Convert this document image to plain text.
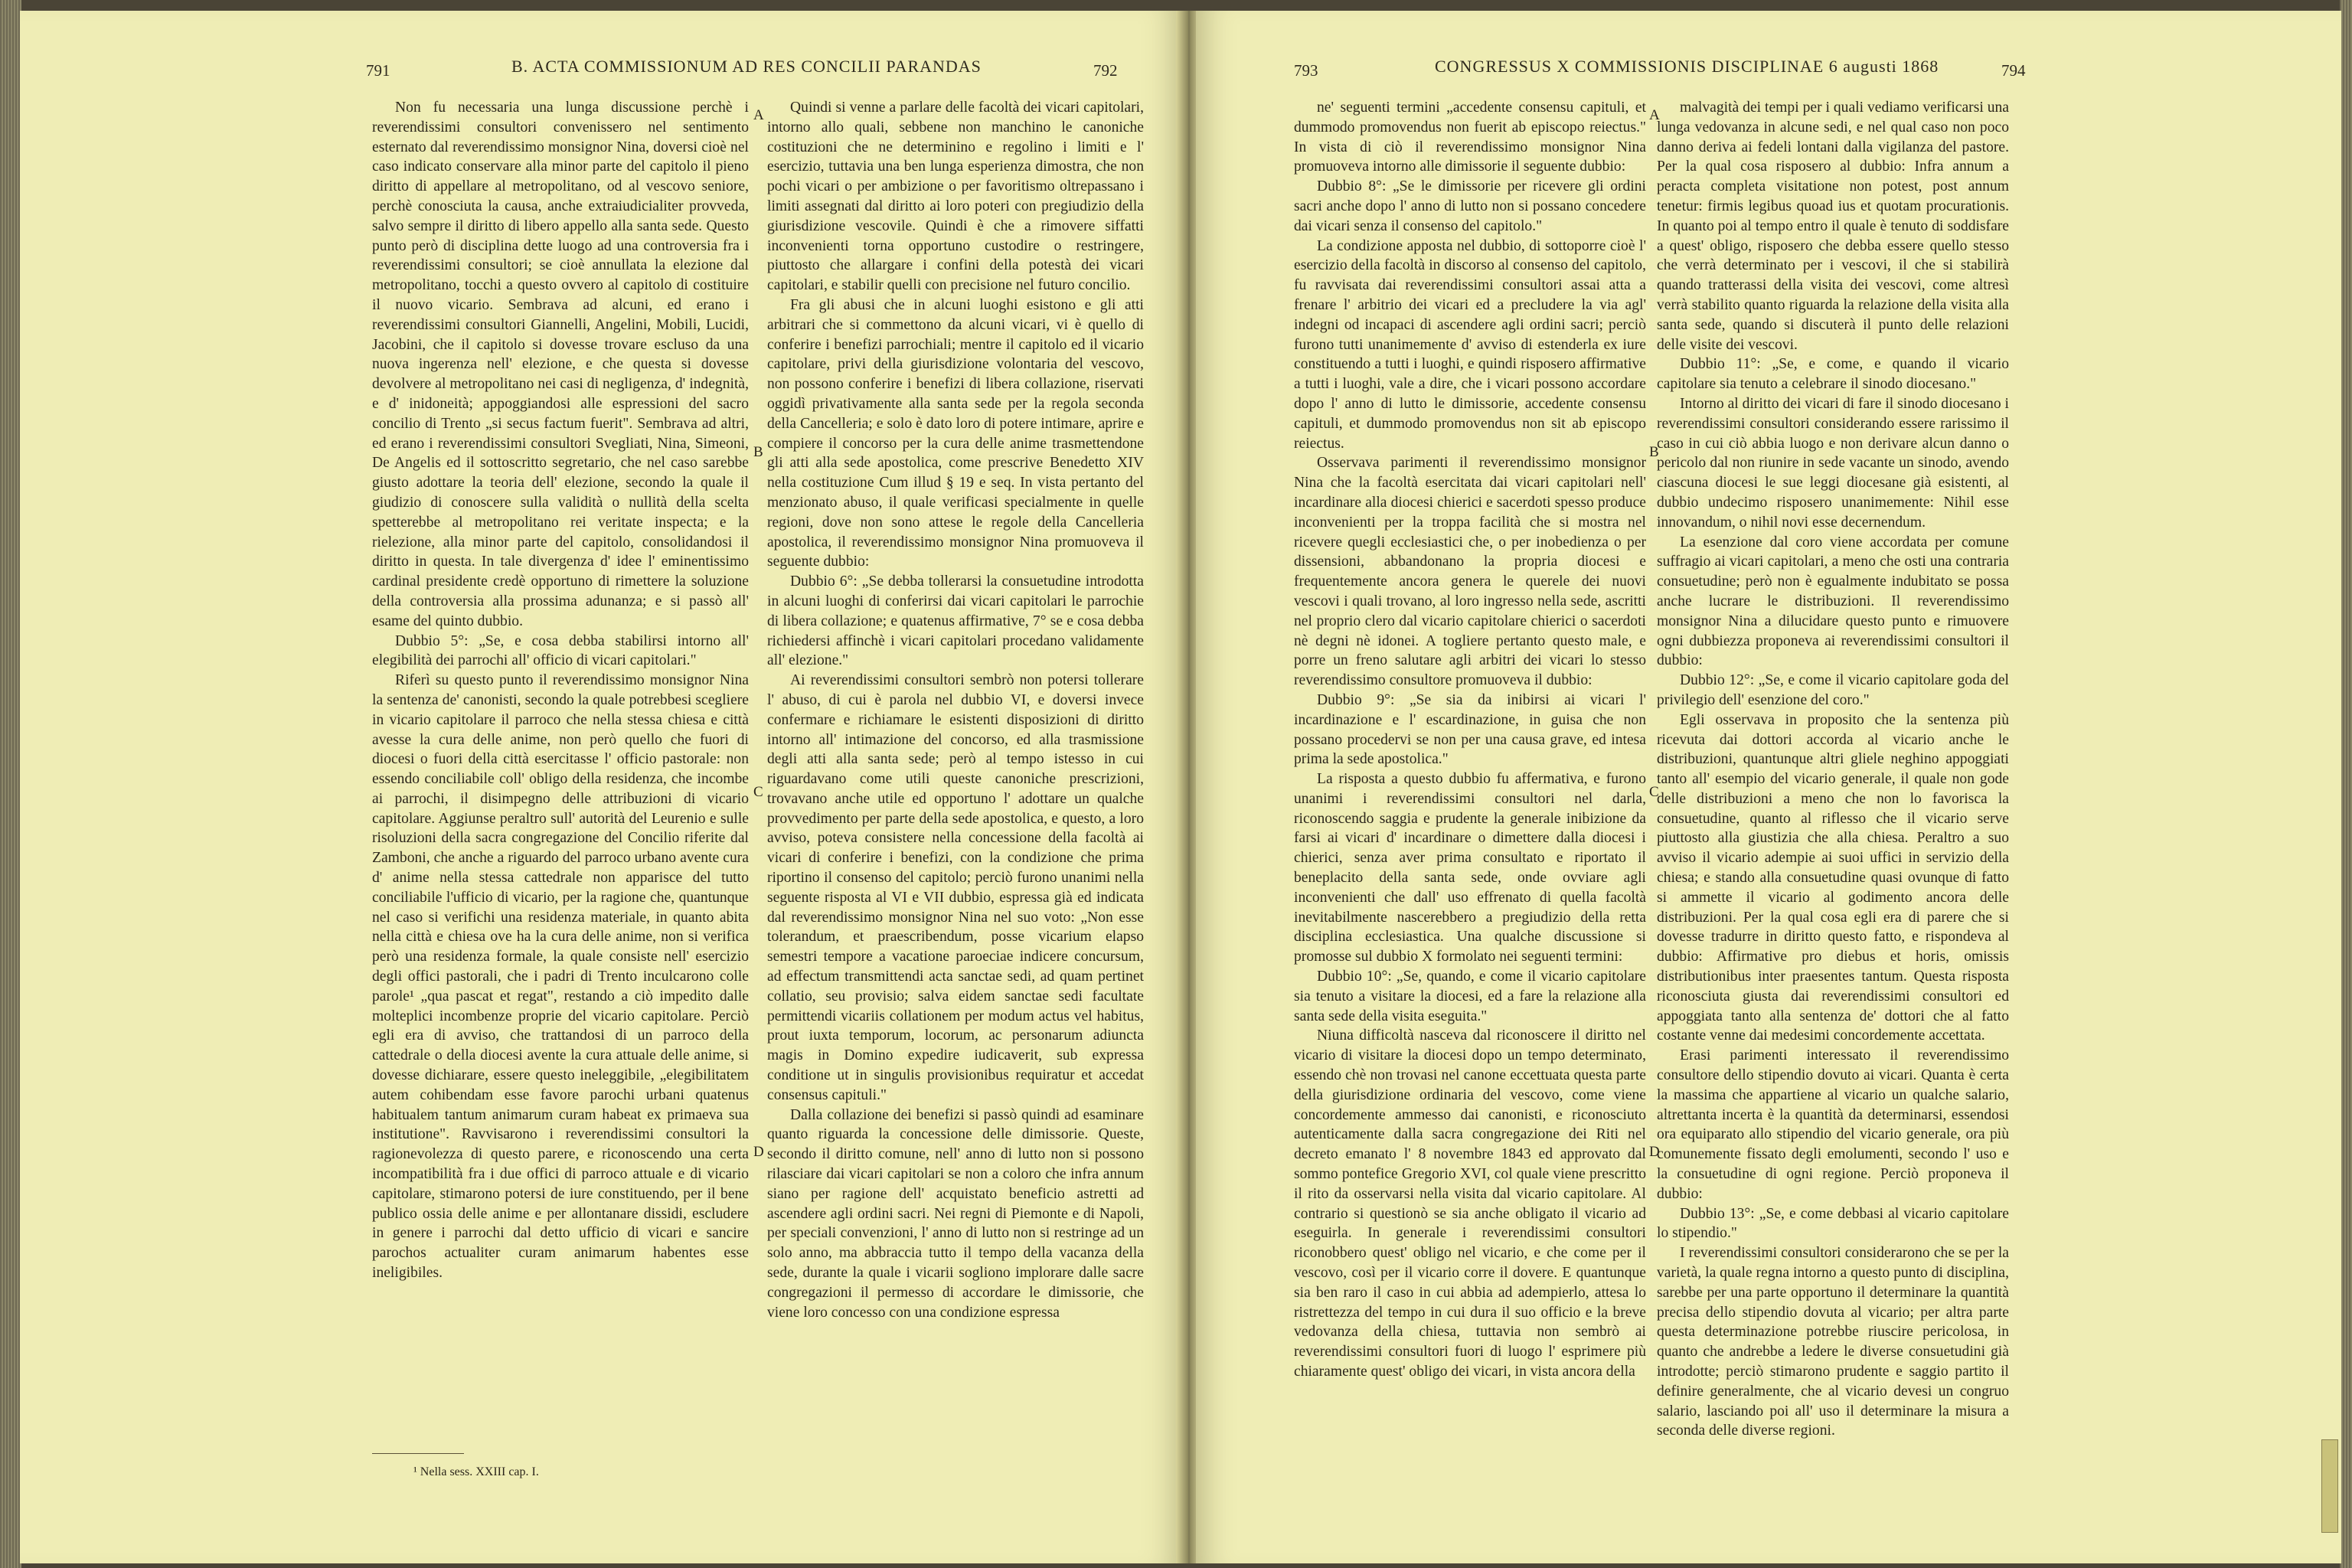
791	B. ACTA COMMISSIONUM AD RES CONCILII PARANDAS	792	793	CONGRESSUS X COMMISSIONIS DISCIPLINAE 6 augusti 1868	794

Non fu necessaria una lunga discussione perchè i reverendissimi consultori convenissero nel sentimento esternato dal reverendissimo monsignor Nina, doversi cioè nel caso indicato conservare alla minor parte del capitolo il pieno diritto di appellare al metropolitano, od al vescovo seniore, perchè conosciuta la causa, anche extraiudicialiter provveda, salvo sempre il diritto di libero appello alla santa sede. Questo punto però di disciplina dette luogo ad una controversia fra i reverendissimi consultori; se cioè annullata la elezione dal metropolitano, tocchi a questo ovvero al capitolo di costituire il nuovo vicario. Sembrava ad alcuni, ed erano i reverendissimi consultori Giannelli, Angelini, Mobili, Lucidi, Jacobini, che il capitolo si dovesse trovare escluso da una nuova ingerenza nell' elezione, e che questa si dovesse devolvere al metropolitano nei casi di negligenza, d' indegnità, e d' inidoneità; appoggiandosi alle espressioni del sacro concilio di Trento „si secus factum fuerit". Sembrava ad altri, ed erano i reverendissimi consultori Svegliati, Nina, Simeoni, De Angelis ed il sottoscritto segretario, che nel caso sarebbe giusto adottare la teoria dell' elezione, secondo la quale il giudizio di conoscere sulla validità o nullità della scelta spetterebbe al metropolitano rei veritate inspecta; e la rielezione, alla minor parte del capitolo, consolidandosi il diritto in questa. In tale divergenza d' idee l' eminentissimo cardinal presidente credè opportuno di rimettere la soluzione della controversia alla prossima adunanza; e si passò all' esame del quinto dubbio.

Dubbio 5°: „Se, e cosa debba stabilirsi intorno all' elegibilità dei parrochi all' officio di vicari capitolari."

Riferì su questo punto il reverendissimo monsignor Nina la sentenza de' canonisti, secondo la quale potrebbesi scegliere in vicario capitolare il parroco che nella stessa chiesa e città avesse la cura delle anime, non però quello che fuori di diocesi o fuori della città esercitasse l' officio pastorale: non essendo conciliabile coll' obligo della residenza, che incombe ai parrochi, il disimpegno delle attribuzioni di vicario capitolare. Aggiunse peraltro sull' autorità del Leurenio e sulle risoluzioni della sacra congregazione del Concilio riferite dal Zamboni, che anche a riguardo del parroco urbano avente cura d' anime nella stessa cattedrale non apparisce del tutto conciliabile l'ufficio di vicario, per la ragione che, quantunque nel caso si verifichi una residenza materiale, in quanto abita nella città e chiesa ove ha la cura delle anime, non si verifica però una residenza formale, la quale consiste nell' esercizio degli offici pastorali, che i padri di Trento inculcarono colle parole¹ „qua pascat et regat", restando a ciò impedito dalle molteplici incombenze proprie del vicario capitolare. Perciò egli era di avviso, che trattandosi di un parroco della cattedrale o della diocesi avente la cura attuale delle anime, si dovesse dichiarare, essere questo ineleggibile, „elegibilitatem autem cohibendam esse favore parochi urbani quatenus habitualem tantum animarum curam habeat ex primaeva sua institutione". Ravvisarono i reverendissimi consultori la ragionevolezza di questo parere, e riconoscendo una certa incompatibilità fra i due offici di parroco attuale e di vicario capitolare, stimarono potersi de iure constituendo, per il bene publico ossia delle anime e per allontanare dissidi, escludere in genere i parrochi dal detto ufficio di vicari e sancire parochos actualiter curam animarum habentes esse ineligibiles.

Quindi si venne a parlare delle facoltà dei vicari capitolari, intorno allo quali, sebbene non manchino le canoniche costituzioni che ne determinino e regolino i limiti e l' esercizio, tuttavia una ben lunga esperienza dimostra, che non pochi vicari o per ambizione o per favoritismo oltrepassano i limiti assegnati dal diritto ai loro poteri con pregiudizio della giurisdizione vescovile. Quindi è che a rimovere siffatti inconvenienti torna opportuno custodire o restringere, piuttosto che allargare i confini della potestà dei vicari capitolari, e stabilir quelli con precisione nel futuro concilio.

Fra gli abusi che in alcuni luoghi esistono e gli atti arbitrari che si commettono da alcuni vicari, vi è quello di conferire i benefizi parrochiali; mentre il capitolo ed il vicario capitolare, privi della giurisdizione volontaria del vescovo, non possono conferire i benefizi di libera collazione, riservati oggidì privativamente alla santa sede per la regola seconda della Cancelleria; e solo è dato loro di potere intimare, aprire e compiere il concorso per la cura delle anime trasmettendone gli atti alla sede apostolica, come prescrive Benedetto XIV nella costituzione Cum illud § 19 e seq. In vista pertanto del menzionato abuso, il quale verificasi specialmente in quelle regioni, dove non sono attese le regole della Cancelleria apostolica, il reverendissimo monsignor Nina promuoveva il seguente dubbio:

Dubbio 6°: „Se debba tollerarsi la consuetudine introdotta in alcuni luoghi di conferirsi dai vicari capitolari le parrochie di libera collazione; e quatenus affirmative, 7° se e cosa debba richiedersi affinchè i vicari capitolari procedano validamente all' elezione."

Ai reverendissimi consultori sembrò non potersi tollerare l' abuso, di cui è parola nel dubbio VI, e doversi invece confermare e richiamare le esistenti disposizioni di diritto intorno all' intimazione del concorso, ed alla trasmissione degli atti alla santa sede; però al tempo istesso in cui riguardavano come utili queste canoniche prescrizioni, trovavano anche utile ed opportuno l' adottare un qualche provvedimento per parte della sede apostolica, e questo, a loro avviso, poteva consistere nella concessione della facoltà ai vicari di conferire i benefizi, con la condizione che prima riportino il consenso del capitolo; perciò furono unanimi nella seguente risposta al VI e VII dubbio, espressa già ed indicata dal reverendissimo monsignor Nina nel suo voto: „Non esse tolerandum, et praescribendum, posse vicarium elapso semestri tempore a vacatione paroeciae indicere concursum, ad effectum transmittendi acta sanctae sedi, ad quam pertinet collatio, seu provisio; salva eidem sanctae sedi facultate permittendi vicariis collationem per modum actus vel habitus, prout iuxta temporum, locorum, ac personarum adiuncta magis in Domino expedire iudicaverit, sub expressa conditione ut in singulis provisionibus requiratur et accedat consensus capituli."

Dalla collazione dei benefizi si passò quindi ad esaminare quanto riguarda la concessione delle dimissorie. Queste, secondo il diritto comune, nell' anno di lutto non si possono rilasciare dai vicari capitolari se non a coloro che infra annum siano per ragione dell' acquistato beneficio astretti ad ascendere agli ordini sacri. Nei regni di Piemonte e di Napoli, per speciali convenzioni, l' anno di lutto non si restringe ad un solo anno, ma abbraccia tutto il tempo della vacanza della sede, durante la quale i vicarii sogliono implorare dalle sacre congregazioni il permesso di accordare le dimissorie, che viene loro concesso con una condizione espressa

ne' seguenti termini „accedente consensu capituli, et dummodo promovendus non fuerit ab episcopo reiectus." In vista di ciò il reverendissimo monsignor Nina promuoveva intorno alle dimissorie il seguente dubbio:

Dubbio 8°: „Se le dimissorie per ricevere gli ordini sacri anche dopo l' anno di lutto non si possano concedere dai vicari senza il consenso del capitolo."

La condizione apposta nel dubbio, di sottoporre cioè l' esercizio della facoltà in discorso al consenso del capitolo, fu ravvisata dai reverendissimi consultori assai atta a frenare l' arbitrio dei vicari ed a precludere la via agl' indegni od incapaci di ascendere agli ordini sacri; perciò furono tutti unanimemente d' avviso di estenderla ex iure constituendo a tutti i luoghi, e quindi risposero affirmative a tutti i luoghi, vale a dire, che i vicari possono accordare dopo l' anno di lutto le dimissorie, accedente consensu capituli, et dummodo promovendus non sit ab episcopo reiectus.

Osservava parimenti il reverendissimo monsignor Nina che la facoltà esercitata dai vicari capitolari nell' incardinare alla diocesi chierici e sacerdoti spesso produce inconvenienti per la troppa facilità che si mostra nel ricevere quegli ecclesiastici che, o per inobedienza o per dissensioni, abbandonano la propria diocesi e frequentemente ancora genera le querele dei nuovi vescovi i quali trovano, al loro ingresso nella sede, ascritti nel proprio clero dal vicario capitolare chierici o sacerdoti nè degni nè idonei. A togliere pertanto questo male, e porre un freno salutare agli arbitri dei vicari lo stesso reverendissimo consultore promuoveva il dubbio:

Dubbio 9°: „Se sia da inibirsi ai vicari l' incardinazione e l' escardinazione, in guisa che non possano procedervi se non per una causa grave, ed intesa prima la sede apostolica."

La risposta a questo dubbio fu affermativa, e furono unanimi i reverendissimi consultori nel darla, riconoscendo saggia e prudente la generale inibizione da farsi ai vicari d' incardinare o dimettere dalla diocesi i chierici, senza aver prima consultato e riportato il beneplacito della santa sede, onde ovviare agli inconvenienti che dall' uso effrenato di quella facoltà inevitabilmente nascerebbero a pregiudizio della retta disciplina ecclesiastica. Una qualche discussione si promosse sul dubbio X formolato nei seguenti termini:

Dubbio 10°: „Se, quando, e come il vicario capitolare sia tenuto a visitare la diocesi, ed a fare la relazione alla santa sede della visita eseguita."

Niuna difficoltà nasceva dal riconoscere il diritto nel vicario di visitare la diocesi dopo un tempo determinato, essendo chè non trovasi nel canone eccettuata questa parte della giurisdizione ordinaria del vescovo, come viene concordemente ammesso dai canonisti, e riconosciuto autenticamente dalla sacra congregazione dei Riti nel decreto emanato l' 8 novembre 1843 ed approvato dal sommo pontefice Gregorio XVI, col quale viene prescritto il rito da osservarsi nella visita dal vicario capitolare. Al contrario si questionò se sia anche obligato il vicario ad eseguirla. In generale i reverendissimi consultori riconobbero quest' obligo nel vicario, e che come per il vescovo, così per il vicario corre il dovere. E quantunque sia ben raro il caso in cui abbia ad adempierlo, attesa lo ristrettezza del tempo in cui dura il suo officio e la breve vedovanza della chiesa, tuttavia non sembrò ai reverendissimi consultori fuori di luogo l' esprimere più chiaramente quest' obligo dei vicari, in vista ancora della

malvagità dei tempi per i quali vediamo verificarsi una lunga vedovanza in alcune sedi, e nel qual caso non poco danno deriva ai fedeli lontani dalla vigilanza del pastore. Per la qual cosa risposero al dubbio: Infra annum a peracta completa visitatione non potest, post annum tenetur: firmis legibus quoad ius et quotam procurationis. In quanto poi al tempo entro il quale è tenuto di soddisfare a quest' obligo, risposero che debba essere quello stesso che verrà determinato per i vescovi, il che si stabilirà quando tratterassi della visita dei vescovi, come altresì verrà stabilito quanto riguarda la relazione della visita alla santa sede, quando si discuterà il punto delle relazioni delle visite dei vescovi.

Dubbio 11°: „Se, e come, e quando il vicario capitolare sia tenuto a celebrare il sinodo diocesano."

Intorno al diritto dei vicari di fare il sinodo diocesano i reverendissimi consultori considerando essere rarissimo il caso in cui ciò abbia luogo e non derivare alcun danno o pericolo dal non riunire in sede vacante un sinodo, avendo ciascuna diocesi le sue leggi diocesane già esistenti, al dubbio undecimo risposero unanimemente: Nihil esse innovandum, o nihil novi esse decernendum.

La esenzione dal coro viene accordata per comune suffragio ai vicari capitolari, a meno che osti una contraria consuetudine; però non è egualmente indubitato se possa anche lucrare le distribuzioni. Il reverendissimo monsignor Nina a dilucidare questo punto e rimuovere ogni dubbiezza proponeva ai reverendissimi consultori il dubbio:

Dubbio 12°: „Se, e come il vicario capitolare goda del privilegio dell' esenzione del coro."

Egli osservava in proposito che la sentenza più ricevuta dai dottori accorda al vicario anche le distribuzioni, quantunque altri gliele neghino appoggiati tanto all' esempio del vicario generale, il quale non gode delle distribuzioni a meno che non lo favorisca la consuetudine, quanto al riflesso che il vicario serve piuttosto alla giustizia che alla chiesa. Peraltro a suo avviso il vicario adempie ai suoi uffici in servizio della chiesa; e stando alla consuetudine quasi ovunque di fatto si ammette il vicario al godimento ancora delle distribuzioni. Per la qual cosa egli era di parere che si dovesse tradurre in diritto questo fatto, e rispondeva al dubbio: Affirmative pro diebus et horis, omissis distributionibus inter praesentes tantum. Questa risposta riconosciuta giusta dai reverendissimi consultori ed appoggiata tanto alla sentenza de' dottori che al fatto costante venne dai medesimi concordemente accettata.

Erasi parimenti interessato il reverendissimo consultore dello stipendio dovuto ai vicari. Quanta è certa la massima che appartiene al vicario un qualche salario, altrettanta incerta è la quantità da determinarsi, essendosi ora equiparato allo stipendio del vicario generale, ora più comunemente fissato degli emolumenti, secondo l' uso e la consuetudine di ogni regione. Perciò proponeva il dubbio:

Dubbio 13°: „Se, e come debbasi al vicario capitolare lo stipendio."

I reverendissimi consultori considerarono che se per la varietà, la quale regna intorno a questo punto di disciplina, sarebbe per una parte opportuno il determinare la quantità precisa dello stipendio dovuta al vicario; per altra parte questa determinazione potrebbe riuscire pericolosa, in quanto che andrebbe a ledere le diverse consuetudini già introdotte; perciò stimarono prudente e saggio partito il definire generalmente, che al vicario devesi un congruo salario, lasciando poi all' uso il determinare la misura a seconda delle diverse regioni.

¹ Nella sess. XXIII cap. I.
A
B
C
D
A
B
C
D
